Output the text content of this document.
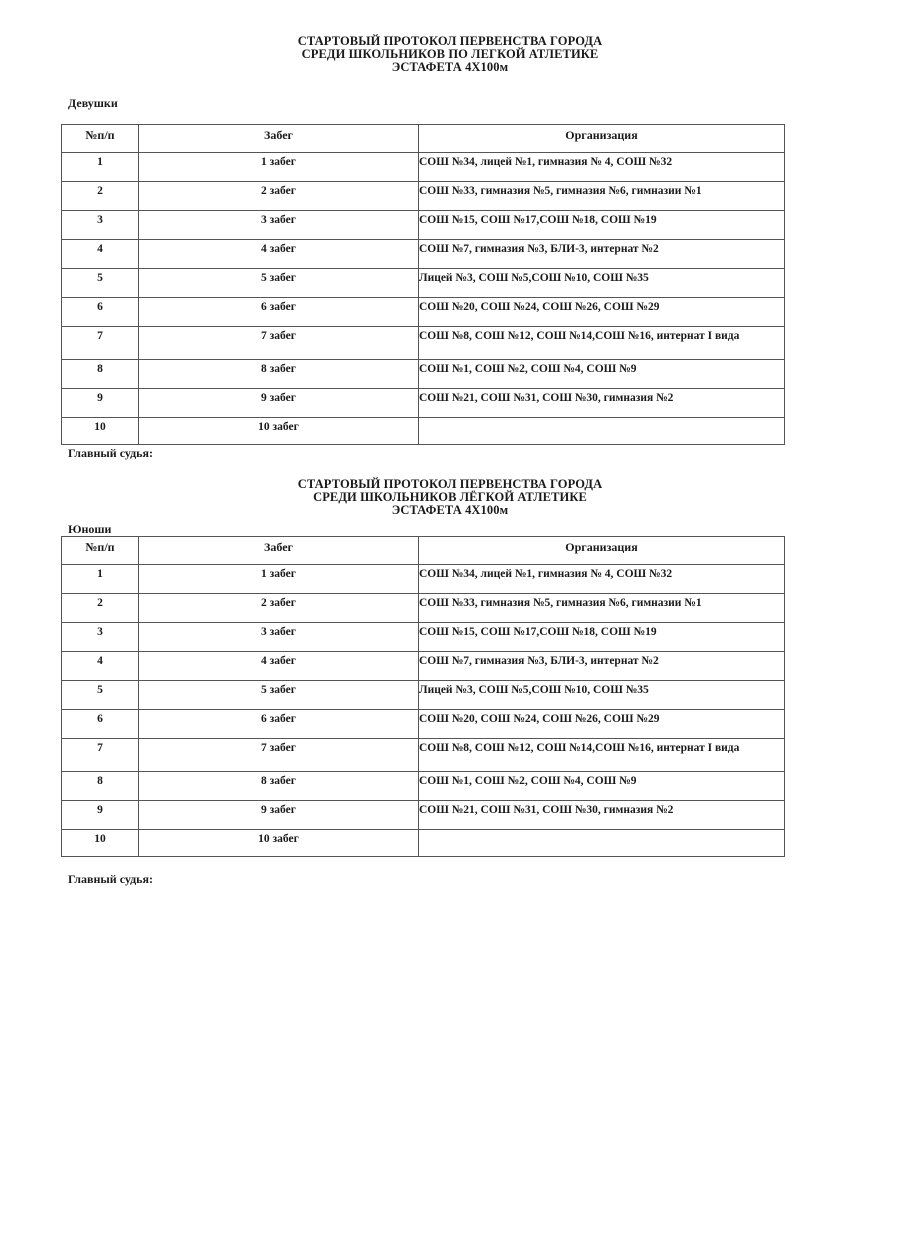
СТАРТОВЫЙ ПРОТОКОЛ ПЕРВЕНСТВА ГОРОДА
СРЕДИ ШКОЛЬНИКОВ ПО ЛЕГКОЙ АТЛЕТИКЕ
ЭСТАФЕТА 4Х100м
Девушки
№п/п	Забег	Организация
1	1 забег	СОШ №34, лицей №1, гимназия № 4, СОШ №32
2	2 забег	СОШ №33, гимназия №5, гимназия №6, гимназии №1
3	3 забег	СОШ №15, СОШ №17,СОШ №18, СОШ №19
4	4 забег	СОШ №7, гимназия №3, БЛИ-3, интернат №2
5	5 забег	Лицей №3, СОШ №5,СОШ №10, СОШ №35
6	6 забег	СОШ №20, СОШ №24, СОШ №26, СОШ №29
7	7 забег	СОШ №8, СОШ №12, СОШ №14,СОШ №16, интернат I вида
8	8 забег	СОШ №1, СОШ №2, СОШ №4, СОШ №9
9	9 забег	СОШ №21, СОШ №31, СОШ №30, гимназия №2
10	10 забег	
Главный судья:
СТАРТОВЫЙ ПРОТОКОЛ ПЕРВЕНСТВА ГОРОДА
СРЕДИ ШКОЛЬНИКОВ ЛЁГКОЙ АТЛЕТИКЕ
ЭСТАФЕТА 4Х100м
Юноши
№п/п	Забег	Организация
1	1 забег	СОШ №34, лицей №1, гимназия № 4, СОШ №32
2	2 забег	СОШ №33, гимназия №5, гимназия №6, гимназии №1
3	3 забег	СОШ №15, СОШ №17,СОШ №18, СОШ №19
4	4 забег	СОШ №7, гимназия №3, БЛИ-3, интернат №2
5	5 забег	Лицей №3, СОШ №5,СОШ №10, СОШ №35
6	6 забег	СОШ №20, СОШ №24, СОШ №26, СОШ №29
7	7 забег	СОШ №8, СОШ №12, СОШ №14,СОШ №16, интернат I вида
8	8 забег	СОШ №1, СОШ №2, СОШ №4, СОШ №9
9	9 забег	СОШ №21, СОШ №31, СОШ №30, гимназия №2
10	10 забег	
Главный судья:
